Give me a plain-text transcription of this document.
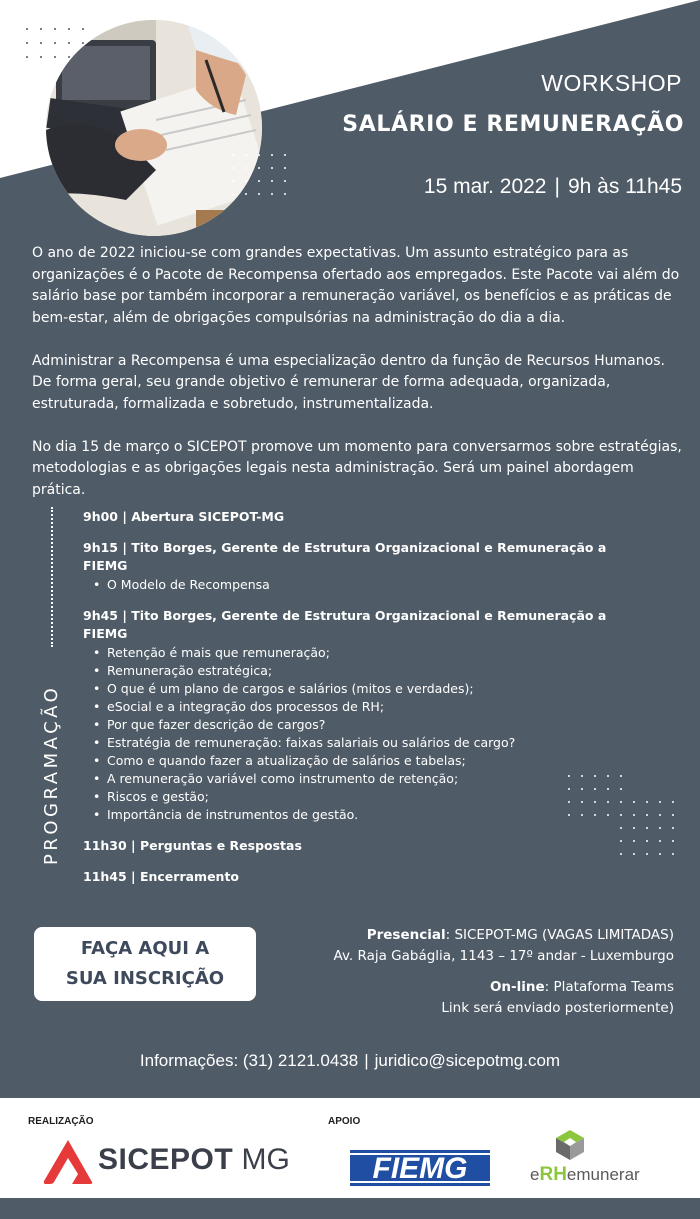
WORKSHOP
SALÁRIO E REMUNERAÇÃO
15 mar. 2022 | 9h às 11h45

O ano de 2022 iniciou-se com grandes expectativas. Um assunto estratégico para as organizações é o Pacote de Recompensa ofertado aos empregados. Este Pacote vai além do salário base por também incorporar a remuneração variável, os benefícios e as práticas de bem-estar, além de obrigações compulsórias na administração do dia a dia.

Administrar a Recompensa é uma especialização dentro da função de Recursos Humanos.
De forma geral, seu grande objetivo é remunerar de forma adequada, organizada, estruturada, formalizada e sobretudo, instrumentalizada.

No dia 15 de março o SICEPOT promove um momento para conversarmos sobre estratégias, metodologias e as obrigações legais nesta administração. Será um painel abordagem prática.

PROGRAMAÇÃO
9h00 | Abertura SICEPOT-MG
9h15 | Tito Borges, Gerente de Estrutura Organizacional e Remuneração a FIEMG
• O Modelo de Recompensa
9h45 | Tito Borges, Gerente de Estrutura Organizacional e Remuneração a FIEMG
• Retenção é mais que remuneração;
• Remuneração estratégica;
• O que é um plano de cargos e salários (mitos e verdades);
• eSocial e a integração dos processos de RH;
• Por que fazer descrição de cargos?
• Estratégia de remuneração: faixas salariais ou salários de cargo?
• Como e quando fazer a atualização de salários e tabelas;
• A remuneração variável como instrumento de retenção;
• Riscos e gestão;
• Importância de instrumentos de gestão.
11h30 | Perguntas e Respostas
11h45 | Encerramento
FAÇA AQUI A
SUA INSCRIÇÃO
Presencial: SICEPOT-MG (VAGAS LIMITADAS)
Av. Raja Gabáglia, 1143 – 17º andar - Luxemburgo
On-line: Plataforma Teams
Link será enviado posteriormente)
Informações: (31) 2121.0438 | juridico@sicepotmg.com
REALIZAÇÃO	APOIO
SICEPOT MG	FIEMG	eRHemunerar
